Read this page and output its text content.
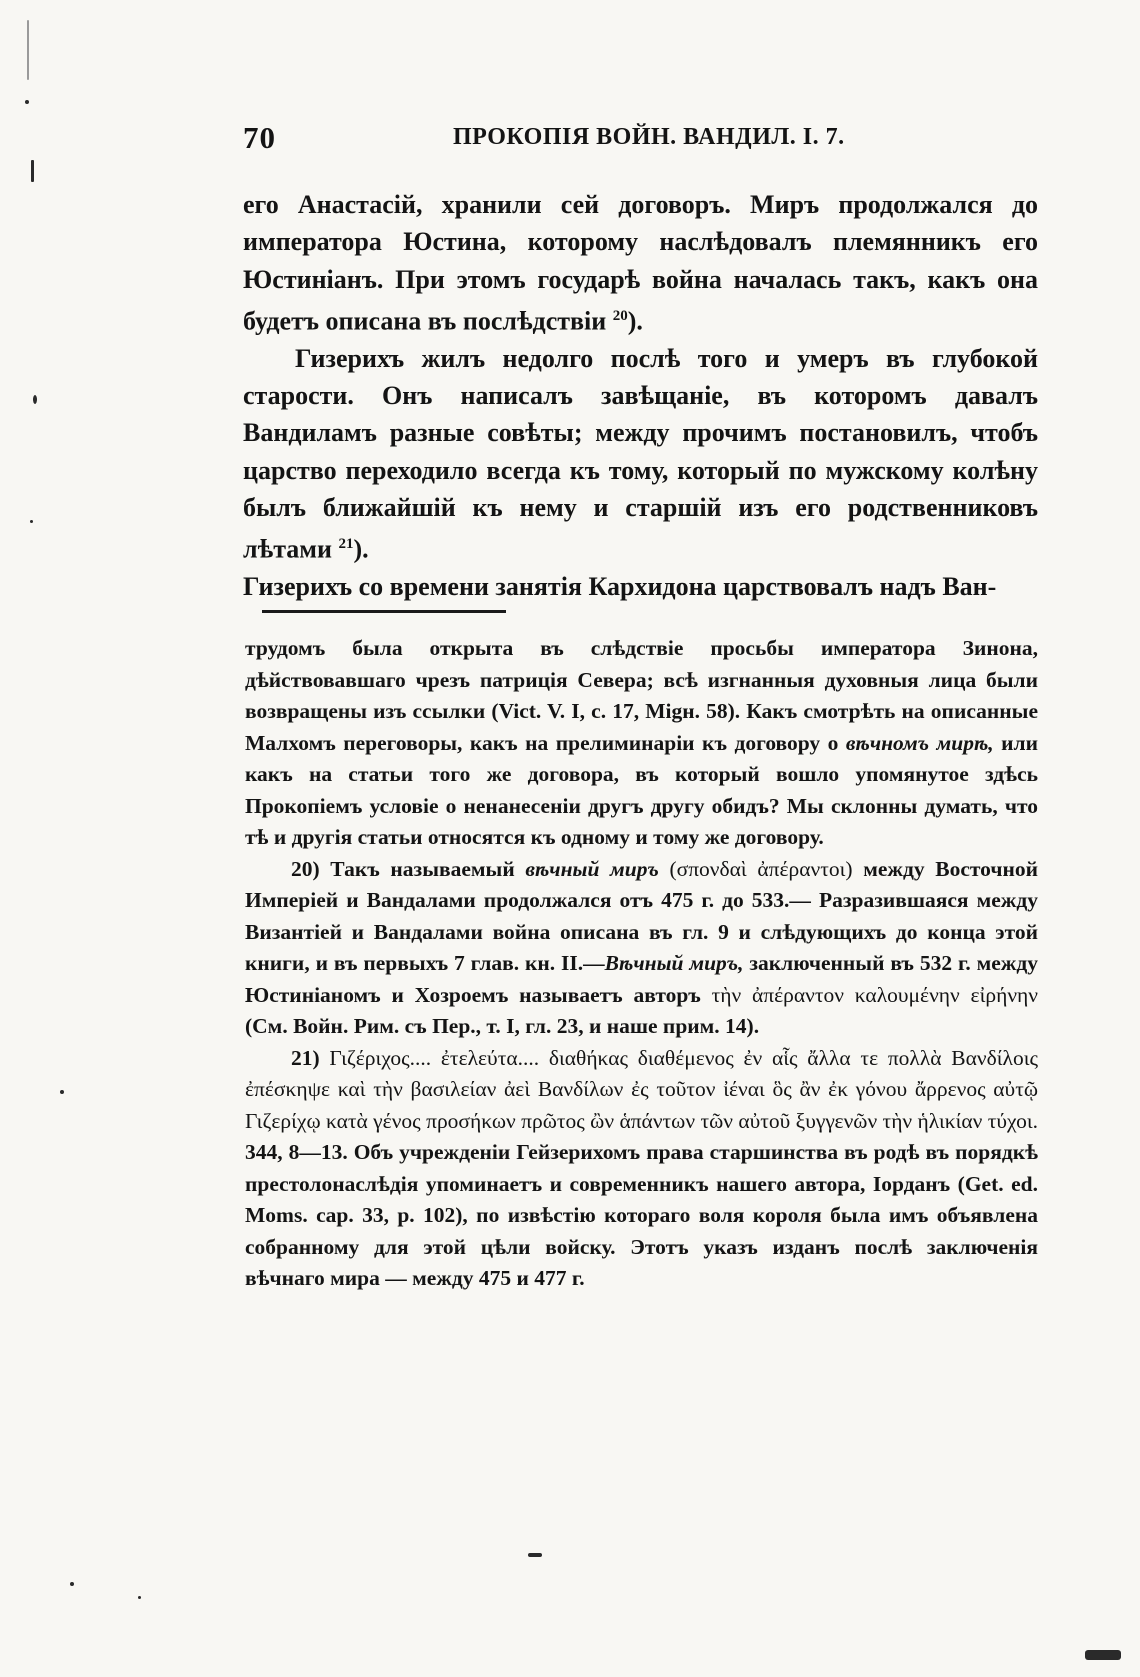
70	ПРОКОПІЯ ВОЙН. ВАНДИЛ. I. 7.

его Анастасій, хранили сей договоръ. Миръ продолжался до императора Юстина, которому наслѣдовалъ племянникъ его Юстиніанъ. При этомъ государѣ война началась такъ, какъ она будетъ описана въ послѣдствіи $^{20}$).

Гизерихъ жилъ недолго послѣ того и умеръ въ глубокой старости. Онъ написалъ завѣщаніе, въ которомъ давалъ Вандиламъ разные совѣты; между прочимъ постановилъ, чтобъ царство переходило всегда къ тому, который по мужскому колѣну былъ ближайшій къ нему и старшій изъ его родственниковъ лѣтами $^{21}$).

Гизерихъ со времени занятія Кархидона царствовалъ надъ Ван-

трудомъ была открыта въ слѣдствіе просьбы императора Зинона, дѣйствовавшаго чрезъ патриція Севера; всѣ изгнанныя духовныя лица были возвращены изъ ссылки (Vict. V. I, c. 17, Migн. 58). Какъ смотрѣть на описанные Малхомъ переговоры, какъ на прелиминаріи къ договору о вѣчномъ мирѣ, или какъ на статьи того же договора, въ который вошло упомянутое здѣсь Прокопіемъ условіе о ненанесеніи другъ другу обидъ? Мы склонны думать, что тѣ и другія статьи относятся къ одному и тому же договору.

20) Такъ называемый вѣчный миръ (σπονδαὶ ἀπέραντοι) между Восточной Имперіей и Вандалами продолжался отъ 475 г. до 533.— Разразившаяся между Византіей и Вандалами война описана въ гл. 9 и слѣдующихъ до конца этой книги, и въ первыхъ 7 глав. кн. II.—Вѣчный миръ, заключенный въ 532 г. между Юстиніаномъ и Хозроемъ называетъ авторъ τὴν ἀπέραντον καλουμένην εἰρήνην (См. Войн. Рим. съ Пер., т. I, гл. 23, и наше прим. 14).

21) Γιζέριχος.... ἐτελεύτα.... διαθήκας διαθέμενος ἐν αἷς ἄλλα τε πολλὰ Βανδίλοις ἐπέσκηψε καὶ τὴν βασιλείαν ἀεὶ Βανδίλων ἐς τοῦτον ἰέναι ὃς ἂν ἐκ γόνου ἄρρενος αὐτῷ Γιζερίχῳ κατὰ γένος προσήκων πρῶτος ὢν ἁπάντων τῶν αὐτοῦ ξυγγενῶν τὴν ἡλικίαν τύχοι. 344, 8—13. Объ учрежденіи Гейзерихомъ права старшинства въ родѣ въ порядкѣ престолонаслѣдія упоминаетъ и современникъ нашего автора, Іорданъ (Get. ed. Moms. cap. 33, p. 102), по извѣстію котораго воля короля была имъ объявлена собранному для этой цѣли войску. Этотъ указъ изданъ послѣ заключенія вѣчнаго мира — между 475 и 477 г.
